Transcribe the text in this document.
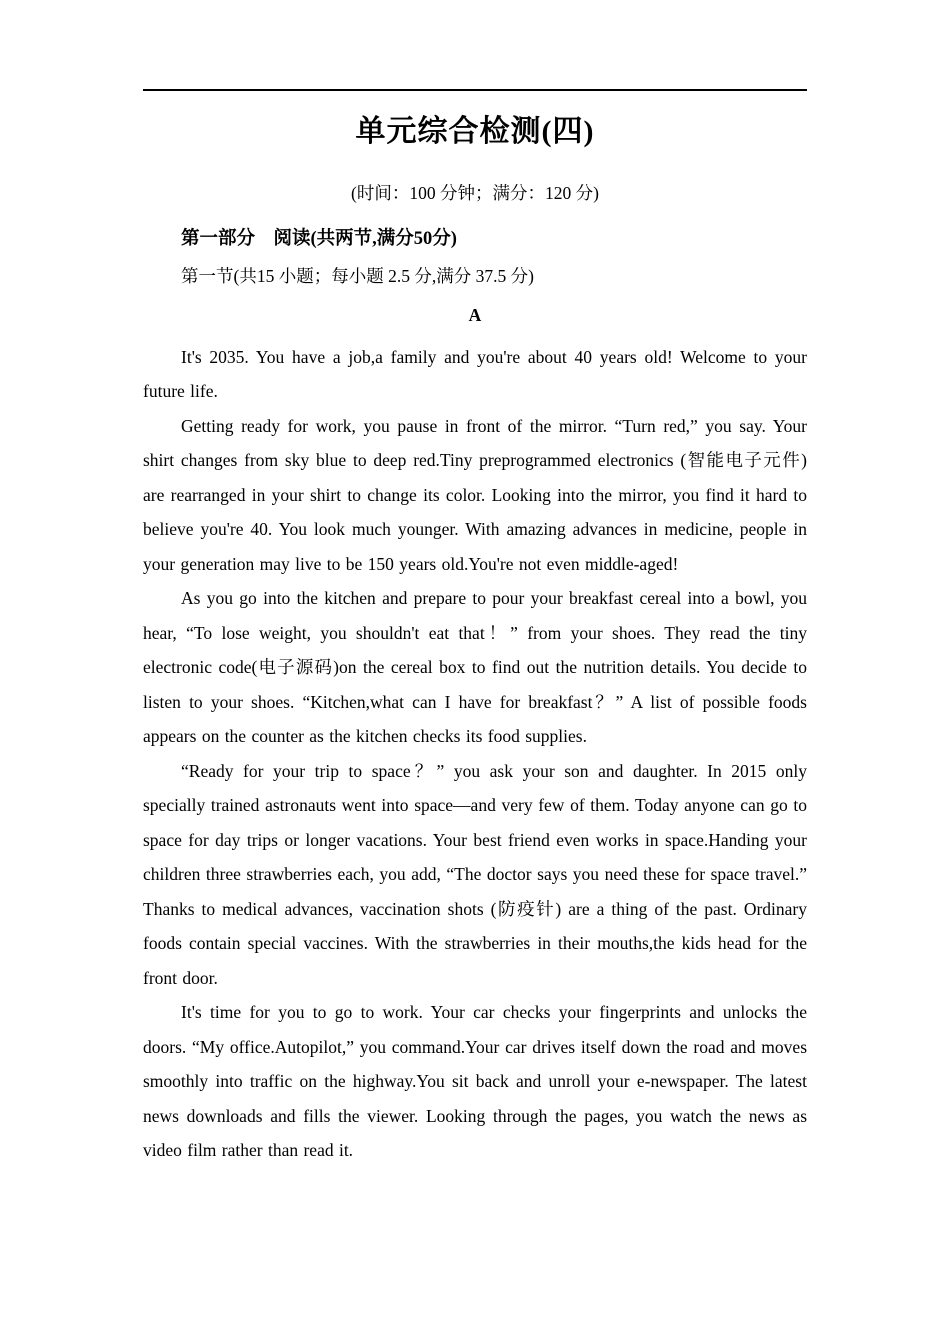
单元综合检测(四)

(时间：100 分钟；满分：120 分)

第一部分　阅读(共两节,满分50分)

第一节(共15 小题；每小题 2.5 分,满分 37.5 分)

A

It's 2035. You have a job,a family and you're about 40 years old! Welcome to your future life.

Getting ready for work, you pause in front of the mirror. “Turn red,” you say. Your shirt changes from sky blue to deep red.Tiny preprogrammed electronics (智能电子元件) are rearranged in your shirt to change its color. Looking into the mirror, you find it hard to believe you're 40. You look much younger. With amazing advances in medicine, people in your generation may live to be 150 years old.You're not even middle-aged!

As you go into the kitchen and prepare to pour your breakfast cereal into a bowl, you hear, “To lose weight, you shouldn't eat that！” from your shoes. They read the tiny electronic code(电子源码)on the cereal box to find out the nutrition details. You decide to listen to your shoes. “Kitchen,what can I have for breakfast？” A list of possible foods appears on the counter as the kitchen checks its food supplies.

“Ready for your trip to space？” you ask your son and daughter. In 2015 only specially trained astronauts went into space—and very few of them. Today anyone can go to space for day trips or longer vacations. Your best friend even works in space.Handing your children three strawberries each, you add, “The doctor says you need these for space travel.” Thanks to medical advances, vaccination shots (防疫针) are a thing of the past. Ordinary foods contain special vaccines. With the strawberries in their mouths,the kids head for the front door.

It's time for you to go to work. Your car checks your fingerprints and unlocks the doors. “My office.Autopilot,” you command.Your car drives itself down the road and moves smoothly into traffic on the highway.You sit back and unroll your e-newspaper. The latest news downloads and fills the viewer. Looking through the pages, you watch the news as video film rather than read it.
